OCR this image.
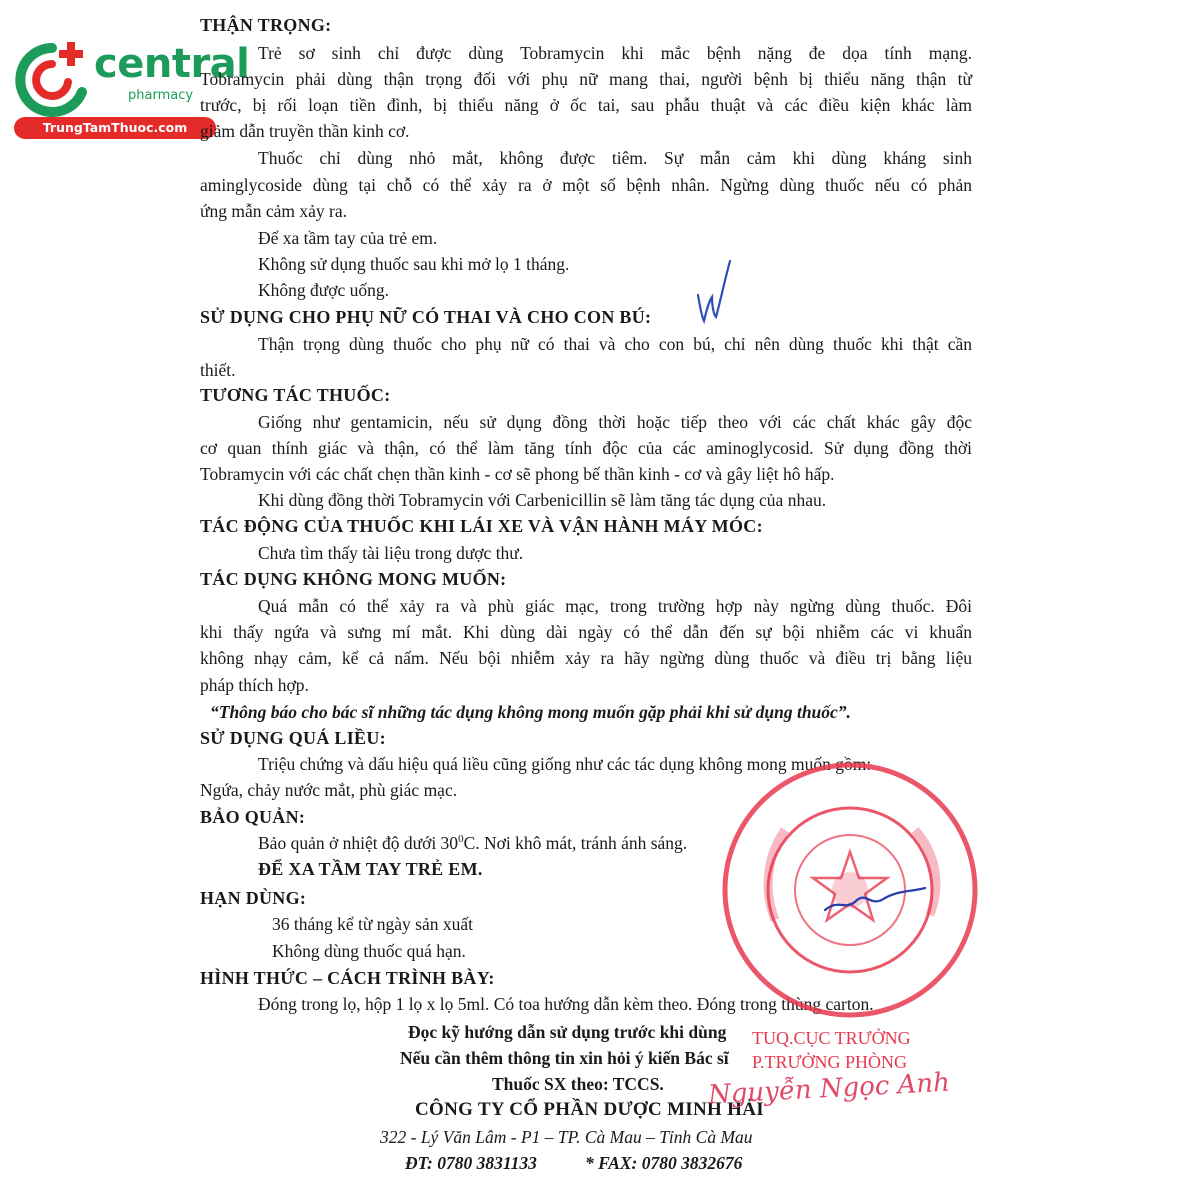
central
pharmacy
TrungTamThuoc.com
THẬN TRỌNG:
Trẻ sơ sinh chỉ được dùng Tobramycin khi mắc bệnh nặng đe dọa tính mạng.
Tobramycin phải dùng thận trọng đối với phụ nữ mang thai, người bệnh bị thiểu năng thận từ
trước, bị rối loạn tiền đình, bị thiểu năng ở ốc tai, sau phẫu thuật và các điều kiện khác làm
giảm dẫn truyền thần kinh cơ.
Thuốc chỉ dùng nhỏ mắt, không được tiêm. Sự mẫn cảm khi dùng kháng sinh
aminglycoside dùng tại chỗ có thể xảy ra ở một số bệnh nhân. Ngừng dùng thuốc nếu có phản
ứng mẫn cảm xảy ra.
Để xa tầm tay của trẻ em.
Không sử dụng thuốc sau khi mở lọ 1 tháng.
Không được uống.
SỬ DỤNG CHO PHỤ NỮ CÓ THAI VÀ CHO CON BÚ:
Thận trọng dùng thuốc cho phụ nữ có thai và cho con bú, chỉ nên dùng thuốc khi thật cần
thiết.
TƯƠNG TÁC THUỐC:
Giống như gentamicin, nếu sử dụng đồng thời hoặc tiếp theo với các chất khác gây độc
cơ quan thính giác và thận, có thể làm tăng tính độc của các aminoglycosid. Sử dụng đồng thời
Tobramycin với các chất chẹn thần kinh - cơ sẽ phong bế thần kinh - cơ và gây liệt hô hấp.
Khi dùng đồng thời Tobramycin với Carbenicillin sẽ làm tăng tác dụng của nhau.
TÁC ĐỘNG CỦA THUỐC KHI LÁI XE VÀ VẬN HÀNH MÁY MÓC:
Chưa tìm thấy tài liệu trong dược thư.
TÁC DỤNG KHÔNG MONG MUỐN:
Quá mẫn có thể xảy ra và phù giác mạc, trong trường hợp này ngừng dùng thuốc. Đôi
khi thấy ngứa và sưng mí mắt. Khi dùng dài ngày có thể dẫn đến sự bội nhiễm các vi khuẩn
không nhạy cảm, kể cả nấm. Nếu bội nhiễm xảy ra hãy ngừng dùng thuốc và điều trị bằng liệu
pháp thích hợp.
“Thông báo cho bác sĩ những tác dụng không mong muốn gặp phải khi sử dụng thuốc”.
SỬ DỤNG QUÁ LIỀU:
Triệu chứng và dấu hiệu quá liều cũng giống như các tác dụng không mong muốn gồm:
Ngứa, chảy nước mắt, phù giác mạc.
BẢO QUẢN:
Bảo quản ở nhiệt độ dưới $30^0C$. Nơi khô mát, tránh ánh sáng.
ĐỂ XA TẦM TAY TRẺ EM.
HẠN DÙNG:
36 tháng kể từ ngày sản xuất
Không dùng thuốc quá hạn.
HÌNH THỨC – CÁCH TRÌNH BÀY:
Đóng trong lọ, hộp 1 lọ x lọ 5ml. Có toa hướng dẫn kèm theo. Đóng trong thùng carton.
Đọc kỹ hướng dẫn sử dụng trước khi dùng
Nếu cần thêm thông tin xin hỏi ý kiến Bác sĩ
Thuốc SX theo: TCCS.
CÔNG TY CỔ PHẦN DƯỢC MINH HẢI
322 - Lý Văn Lâm - P1 – TP. Cà Mau – Tỉnh Cà Mau
ĐT: 0780 3831133	* FAX: 0780 3832676
TUQ.CỤC TRƯỞNG
P.TRƯỞNG PHÒNG
Nguyễn Ngọc Anh
